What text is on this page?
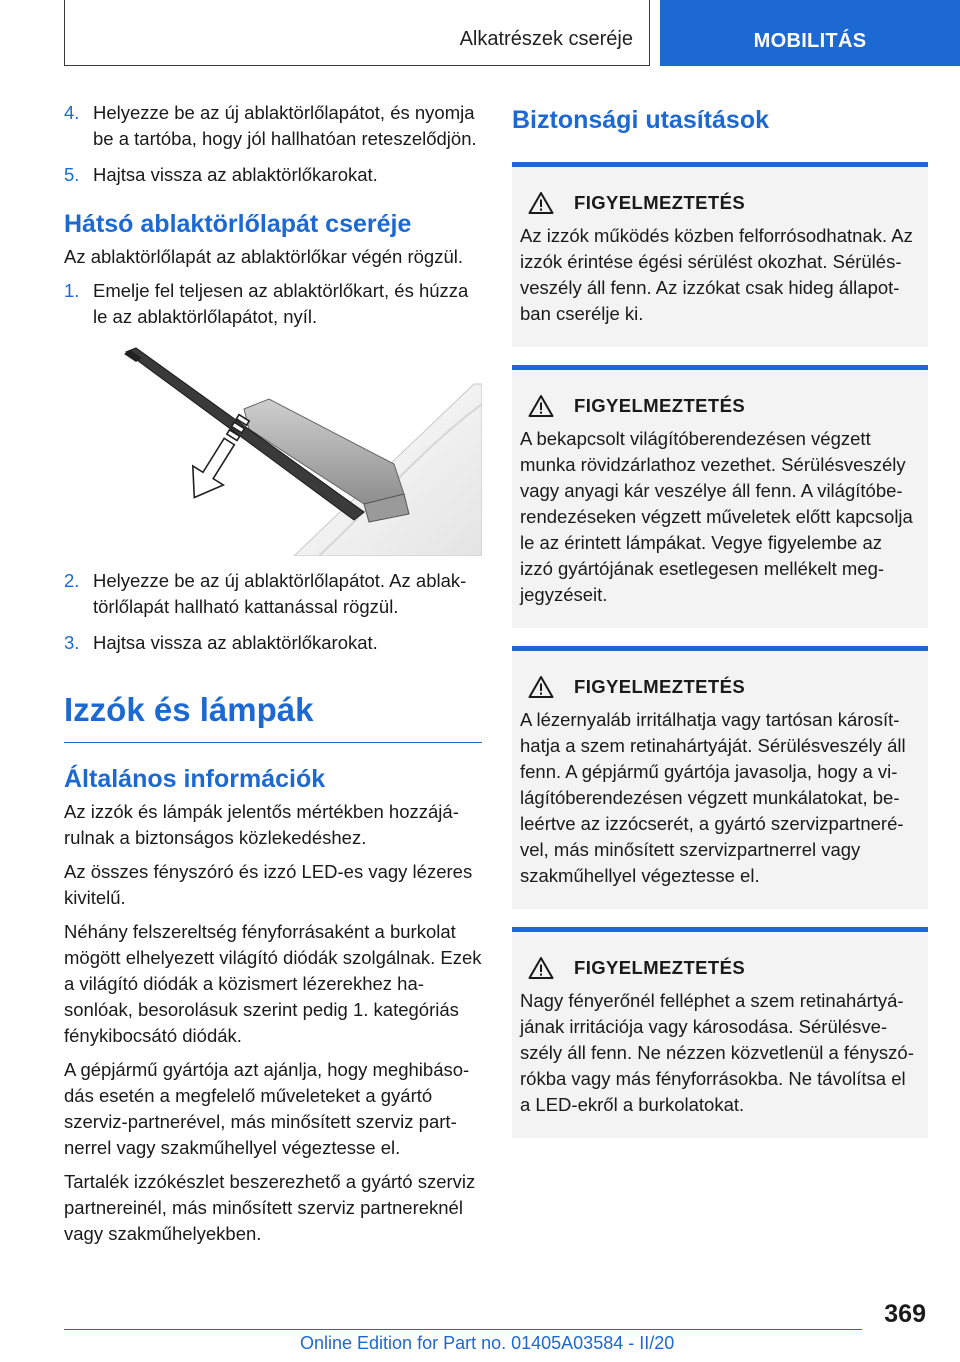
Alkatrészek cseréje	MOBILITÁS
4. Helyezze be az új ablaktörlőlapátot, és nyomja be a tartóba, hogy jól hallhatóan reteszelődjön.
5. Hajtsa vissza az ablaktörlőkarokat.
Hátsó ablaktörlőlapát cseréje

Az ablaktörlőlapát az ablaktörlőkar végén rögzül.

1. Emelje fel teljesen az ablaktörlőkart, és húzza le az ablaktörlőlapátot, nyíl.
2. Helyezze be az új ablaktörlőlapátot. Az ablaktörlőlapát hallható kattanással rögzül.
3. Hajtsa vissza az ablaktörlőkarokat.
Izzók és lámpák
Általános információk

Az izzók és lámpák jelentős mértékben hozzájárulnak a biztonságos közlekedéshez.

Az összes fényszóró és izzó LED-es vagy lézeres kivitelű.

Néhány felszereltség fényforrásaként a burkolat mögött elhelyezett világító diódák szolgálnak. Ezek a világító diódák a közismert lézerekhez hasonlóak, besorolásuk szerint pedig 1. kategóriás fénykibocsátó diódák.

A gépjármű gyártója azt ajánlja, hogy meghibásodás esetén a megfelelő műveleteket a gyártó szerviz-partnerével, más minősített szerviz partnerrel vagy szakműhellyel végeztesse el.

Tartalék izzókészlet beszerezhető a gyártó szerviz partnereinél, más minősített szerviz partnereknél vagy szakműhelyekben.

Biztonsági utasítások
FIGYELMEZTETÉS

Az izzók működés közben felforrósodhatnak. Az izzók érintése égési sérülést okozhat. Sérülésveszély áll fenn. Az izzókat csak hideg állapotban cserélje ki.

FIGYELMEZTETÉS

A bekapcsolt világítóberendezésen végzett munka rövidzárlathoz vezethet. Sérülésveszély vagy anyagi kár veszélye áll fenn. A világítóberendezéseken végzett műveletek előtt kapcsolja le az érintett lámpákat. Vegye figyelembe az izzó gyártójának esetlegesen mellékelt megjegyzéseit.

FIGYELMEZTETÉS

A lézernyaláb irritálhatja vagy tartósan károsíthatja a szem retinahártyáját. Sérülésveszély áll fenn. A gépjármű gyártója javasolja, hogy a világítóberendezésen végzett munkálatokat, beleértve az izzócserét, a gyártó szervizpartnerével, más minősített szervizpartnerrel vagy szakműhellyel végeztesse el.

FIGYELMEZTETÉS

Nagy fényerőnél felléphet a szem retinahártyájának irritációja vagy károsodása. Sérülésveszély áll fenn. Ne nézzen közvetlenül a fényszórókba vagy más fényforrásokba. Ne távolítsa el a LED-ekről a burkolatokat.

369
Online Edition for Part no. 01405A03584 - II/20
